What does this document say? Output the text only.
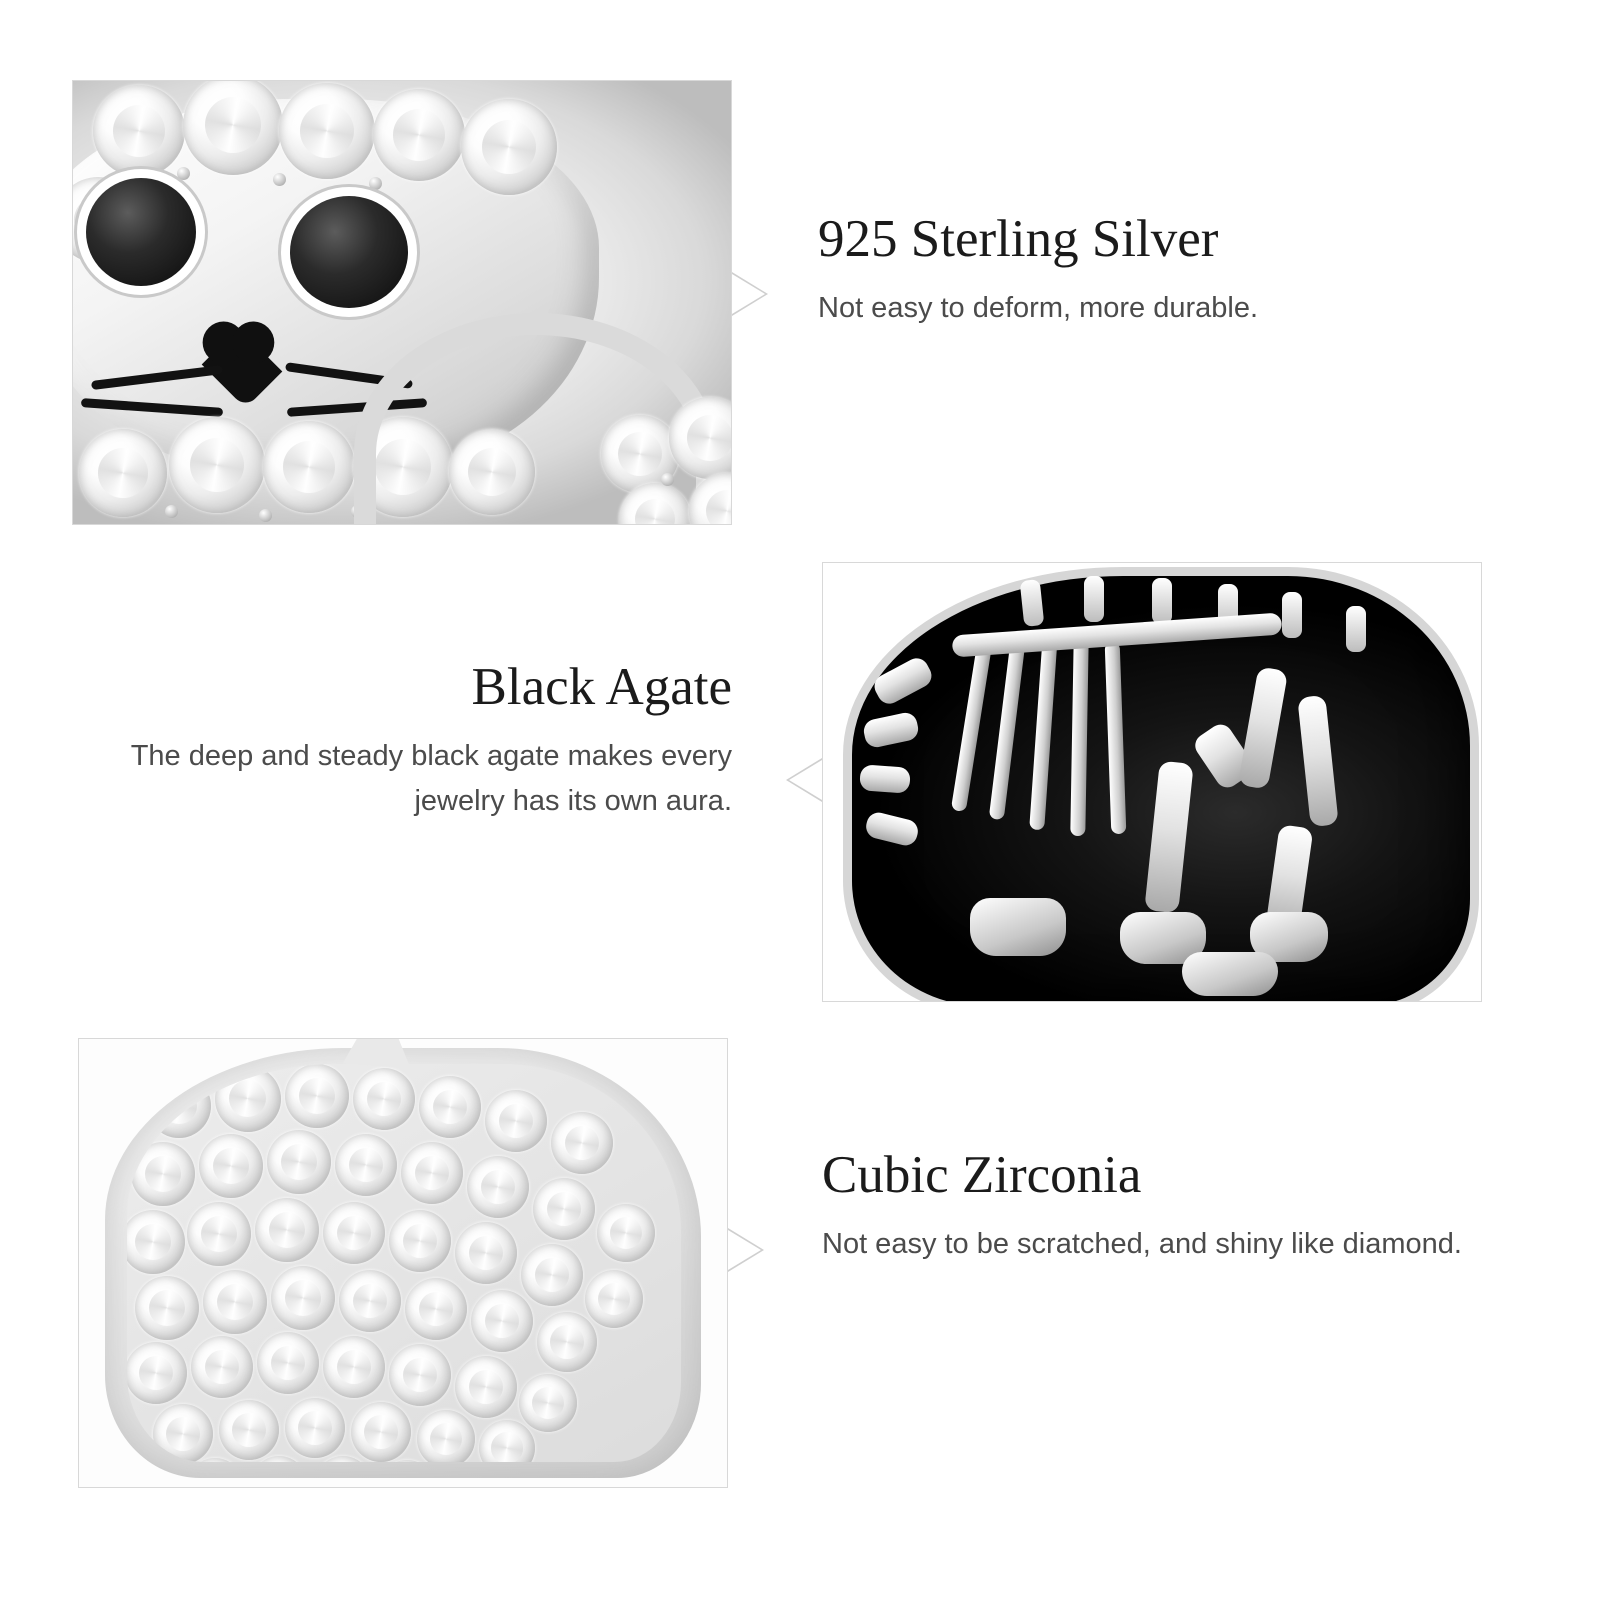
925 Sterling Silver
Not easy to deform, more durable.
Black Agate
The deep and steady black agate makes every jewelry has its own aura.
Cubic Zirconia
Not easy to be scratched, and shiny like diamond.
